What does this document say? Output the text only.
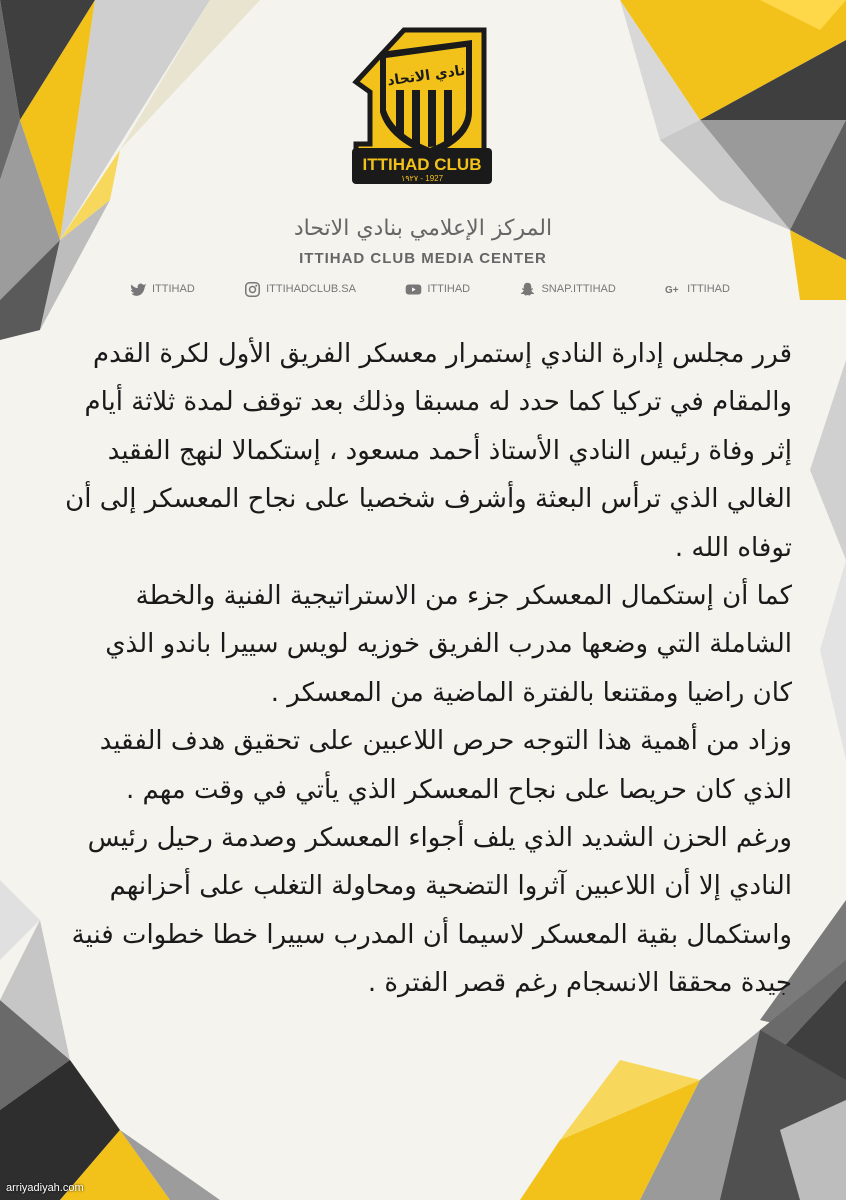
ITTIHAD CLUB
١٩٢٧ - 1927
نادي الاتحاد
المركز الإعلامي بنادي الاتحاد
ITTIHAD CLUB MEDIA CENTER
ITTIHAD	ITTIHADCLUB.SA	ITTIHAD	SNAP.ITTIHAD	G+ ITTIHAD

قرر مجلس إدارة النادي إستمرار معسكر الفريق الأول لكرة القدم والمقام في تركيا كما حدد له مسبقا وذلك بعد توقف لمدة ثلاثة أيام إثر وفاة رئيس النادي الأستاذ أحمد مسعود ، إستكمالا لنهج الفقيد الغالي الذي ترأس البعثة وأشرف شخصيا على نجاح المعسكر إلى أن توفاه الله .

كما أن إستكمال المعسكر جزء من الاستراتيجية الفنية والخطة الشاملة التي وضعها مدرب الفريق خوزيه لويس سييرا باندو الذي كان راضيا ومقتنعا بالفترة الماضية من المعسكر .

وزاد من أهمية هذا التوجه حرص اللاعبين على تحقيق هدف الفقيد الذي كان حريصا على نجاح المعسكر الذي يأتي في وقت مهم .

ورغم الحزن الشديد الذي يلف أجواء المعسكر وصدمة رحيل رئيس النادي إلا أن اللاعبين آثروا التضحية ومحاولة التغلب على أحزانهم واستكمال بقية المعسكر لاسيما أن المدرب سييرا خطا خطوات فنية جيدة محققا الانسجام رغم قصر الفترة .

arriyadiyah.com
